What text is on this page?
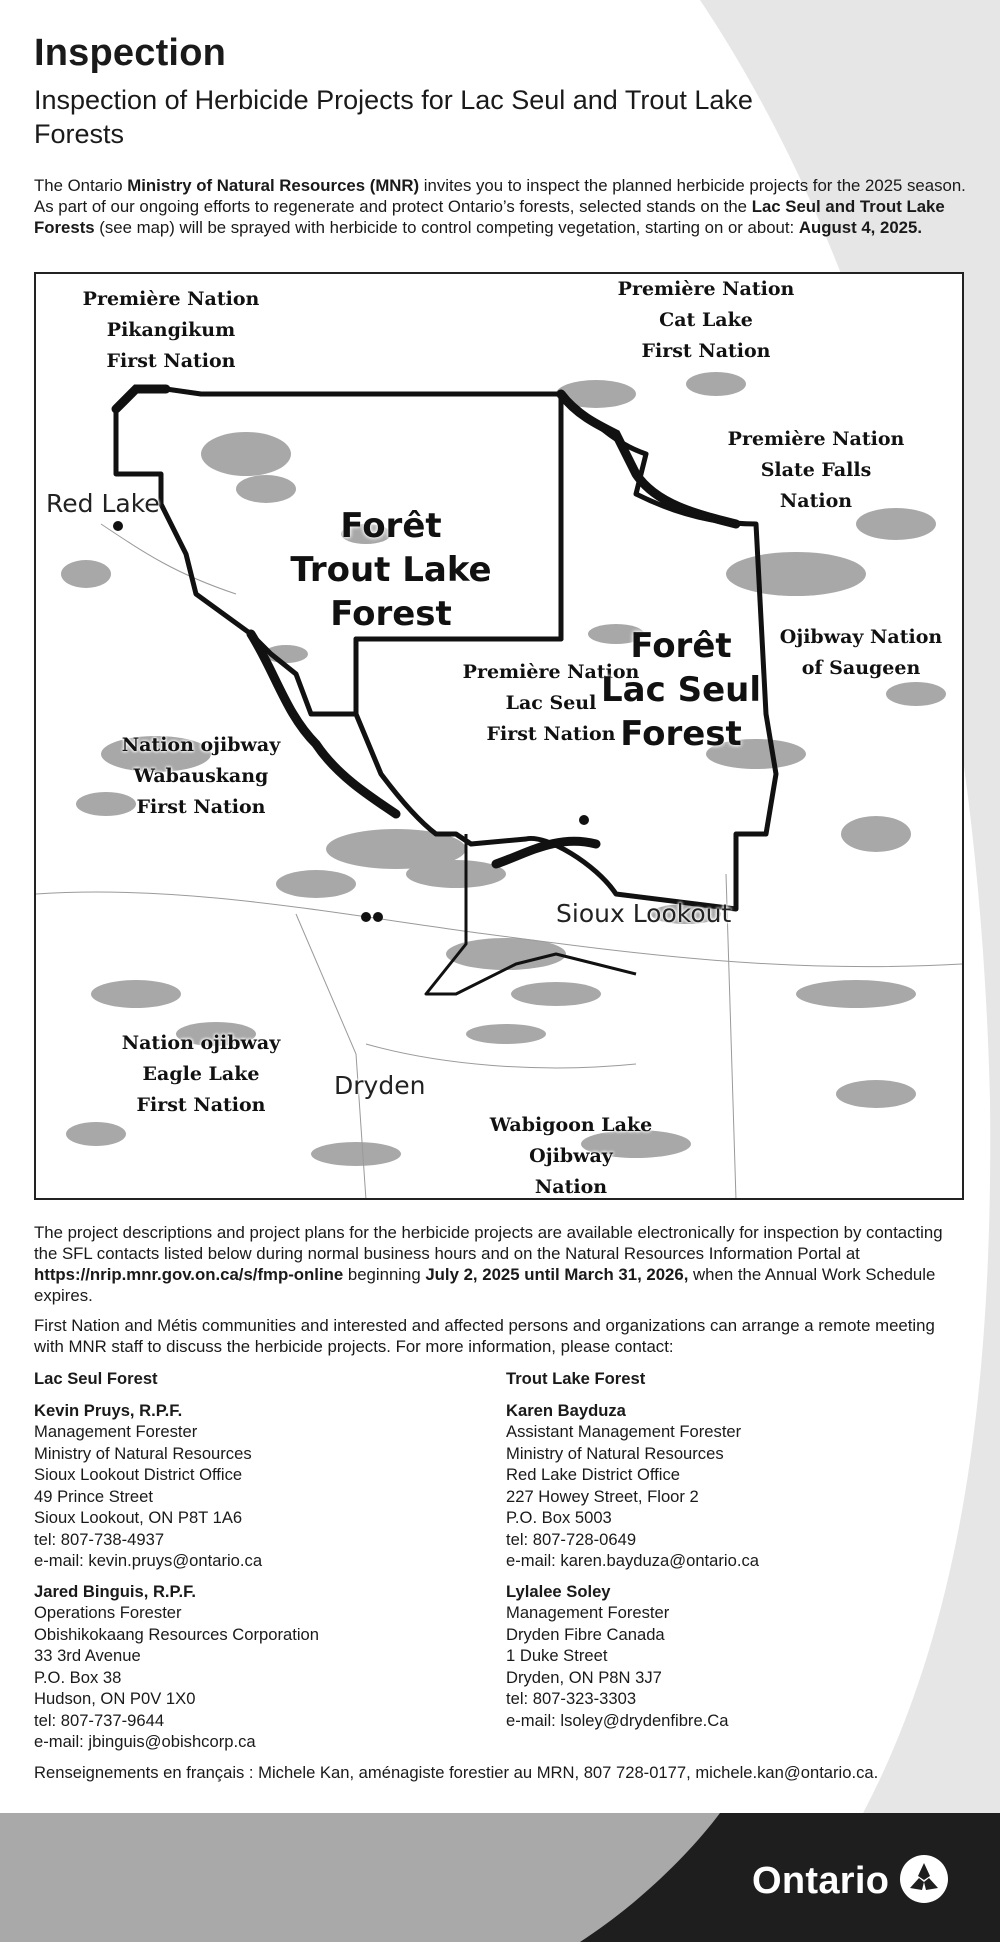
Inspection
Inspection of Herbicide Projects for Lac Seul and Trout Lake Forests

The Ontario Ministry of Natural Resources (MNR) invites you to inspect the planned herbicide projects for the 2025 season. As part of our ongoing efforts to regenerate and protect Ontario’s forests, selected stands on the Lac Seul and Trout Lake Forests (see map) will be sprayed with herbicide to control competing vegetation, starting on or about: August 4, 2025.

Première Nation
Pikangikum
First Nation
Première Nation
Cat Lake
First Nation
Première Nation
Slate Falls
Nation
Ojibway Nation
of Saugeen
Première Nation
Lac Seul
First Nation
Nation ojibway
Wabauskang
First Nation
Nation ojibway
Eagle Lake
First Nation
Wabigoon Lake
Ojibway
Nation
Forêt
Trout Lake
Forest
Forêt
Lac Seul
Forest
Red Lake
Sioux Lookout
Dryden

The project descriptions and project plans for the herbicide projects are available electronically for inspection by contacting the SFL contacts listed below during normal business hours and on the Natural Resources Information Portal at https://nrip.mnr.gov.on.ca/s/fmp-online beginning July 2, 2025 until March 31, 2026, when the Annual Work Schedule expires.

First Nation and Métis communities and interested and affected persons and organizations can arrange a remote meeting with MNR staff to discuss the herbicide projects. For more information, please contact:

Lac Seul Forest
Kevin Pruys, R.P.F.
Management Forester
Ministry of Natural Resources
Sioux Lookout District Office
49 Prince Street
Sioux Lookout, ON P8T 1A6
tel: 807-738-4937
e-mail: kevin.pruys@ontario.ca
Jared Binguis, R.P.F.
Operations Forester
Obishikokaang Resources Corporation
33 3rd Avenue
P.O. Box 38
Hudson, ON P0V 1X0
tel: 807-737-9644
e-mail: jbinguis@obishcorp.ca
Trout Lake Forest
Karen Bayduza
Assistant Management Forester
Ministry of Natural Resources
Red Lake District Office
227 Howey Street, Floor 2
P.O. Box 5003
tel: 807-728-0649
e-mail: karen.bayduza@ontario.ca
Lylalee Soley
Management Forester
Dryden Fibre Canada
1 Duke Street
Dryden, ON P8N 3J7
tel: 807-323-3303
e-mail: lsoley@drydenfibre.Ca
Renseignements en français : Michele Kan, aménagiste forestier au MRN, 807 728-0177, michele.kan@ontario.ca.
Ontario
